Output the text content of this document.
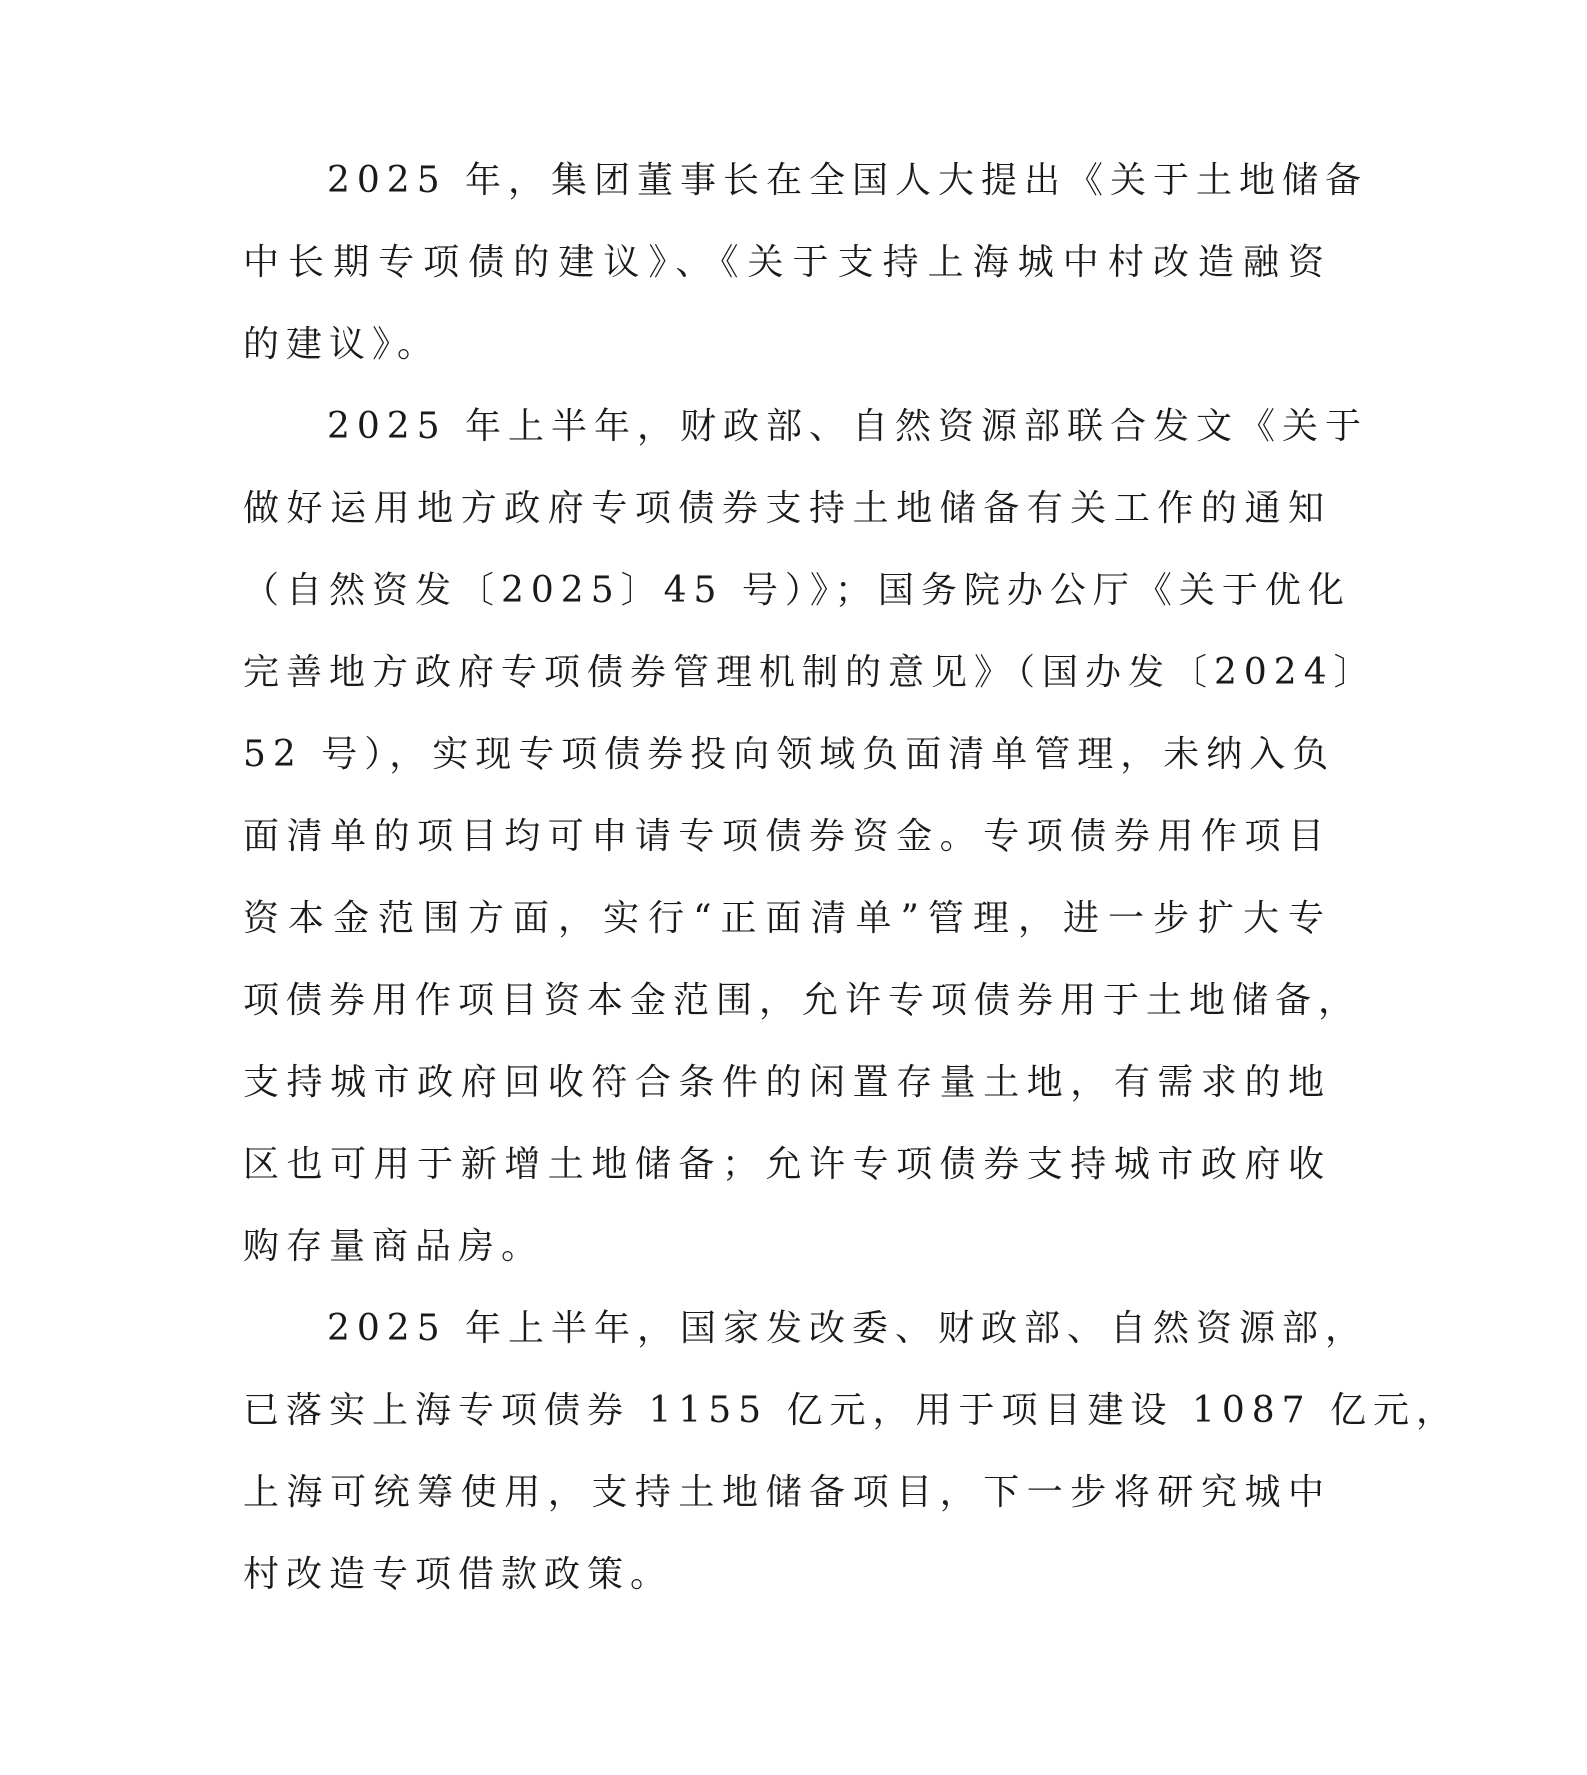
2025 年，集团董事长在全国人大提出《关于土地储备
中长期专项债的建议》、《关于支持上海城中村改造融资
的建议》。
2025 年上半年，财政部、自然资源部联合发文《关于
做好运用地方政府专项债券支持土地储备有关工作的通知
（自然资发〔2025〕45 号）》；国务院办公厅《关于优化
完善地方政府专项债券管理机制的意见》（国办发〔2024〕
52 号），实现专项债券投向领域负面清单管理，未纳入负
面清单的项目均可申请专项债券资金。专项债券用作项目
资本金范围方面，实行“正面清单”管理，进一步扩大专
项债券用作项目资本金范围，允许专项债券用于土地储备，
支持城市政府回收符合条件的闲置存量土地，有需求的地
区也可用于新增土地储备；允许专项债券支持城市政府收
购存量商品房。
2025 年上半年，国家发改委、财政部、自然资源部，
已落实上海专项债券 1155 亿元，用于项目建设 1087 亿元，
上海可统筹使用，支持土地储备项目，下一步将研究城中
村改造专项借款政策。
